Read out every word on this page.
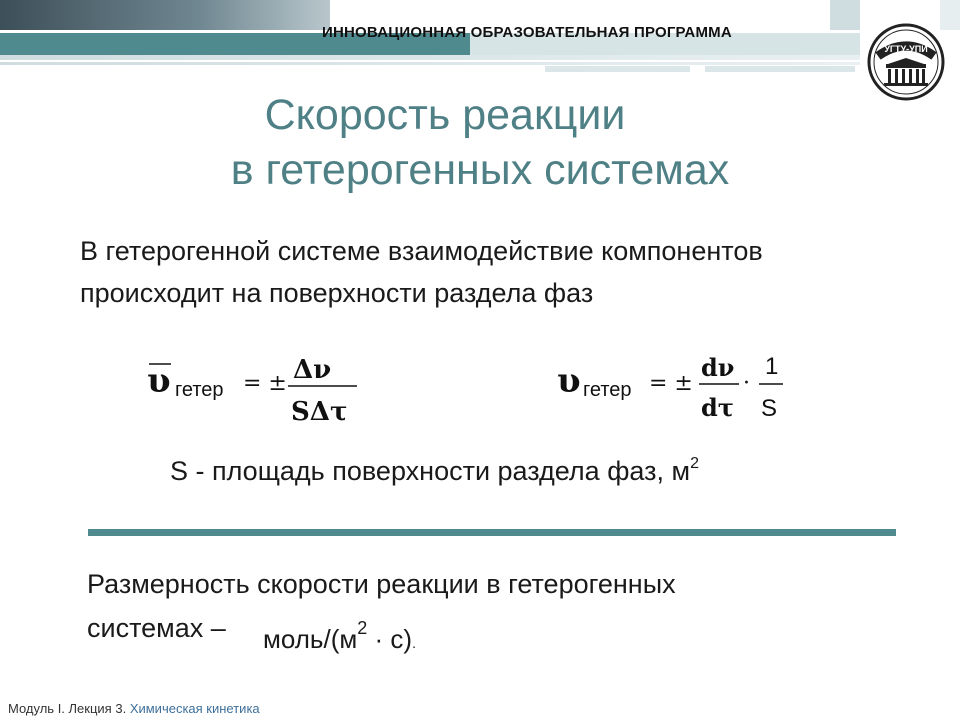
ИННОВАЦИОННАЯ ОБРАЗОВАТЕЛЬНАЯ ПРОГРАММА
УГТУ-УПИ
Скорость реакции
в гетерогенных системах
В гетерогенной системе взаимодействие компонентов
происходит на поверхности раздела фаз
υ гетер = ± Δν
SΔτ
υ гетер = ±
dν
dτ
·
1
S
S - площадь поверхности раздела фаз, $м^2$
Размерность скорости реакции в гетерогенных
системах –	моль/$(м^2 \cdot с)$.
Модуль I. Лекция 3. Химическая кинетика
